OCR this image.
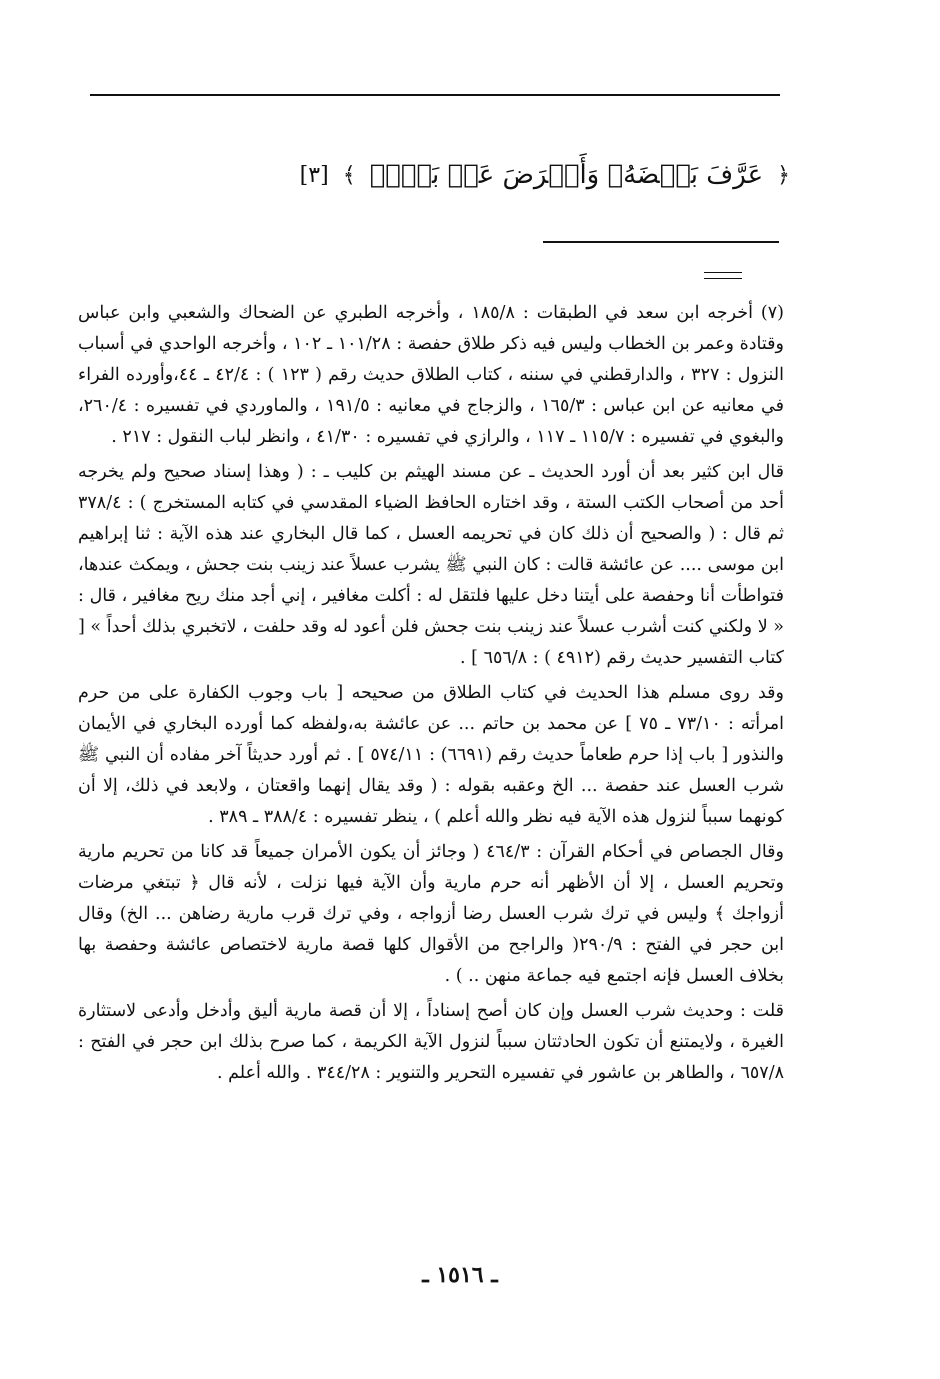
﴿
عَرَّفَ بَعۡضَهُۥ وَأَعۡرَضَ عَنۢ بَعۡضٖ
﴾
[٣]

(٧) أخرجه ابن سعد في الطبقات : ١٨٥/٨ ، وأخرجه الطبري عن الضحاك والشعبي وابن عباس وقتادة وعمر بن الخطاب وليس فيه ذكر طلاق حفصة : ١٠١/٢٨ ـ ١٠٢ ، وأخرجه الواحدي في أسباب النزول : ٣٢٧ ، والدارقطني في سننه ، كتاب الطلاق حديث رقم ( ١٢٣ ) : ٤٢/٤ ـ ٤٤،وأورده الفراء في معانيه عن ابن عباس : ١٦٥/٣ ، والزجاج في معانيه : ١٩١/٥ ، والماوردي في تفسيره : ٢٦٠/٤، والبغوي في تفسيره : ١١٥/٧ ـ ١١٧ ، والرازي في تفسيره : ٤١/٣٠ ، وانظر لباب النقول : ٢١٧ .

قال ابن كثير بعد أن أورد الحديث ـ عن مسند الهيثم بن كليب ـ : ( وهذا إسناد صحيح ولم يخرجه أحد من أصحاب الكتب الستة ، وقد اختاره الحافظ الضياء المقدسي في كتابه المستخرج ) : ٣٧٨/٤ ثم قال : ( والصحيح أن ذلك كان في تحريمه العسل ، كما قال البخاري عند هذه الآية : ثنا إبراهيم ابن موسى .... عن عائشة قالت : كان النبي ﷺ يشرب عسلاً عند زينب بنت جحش ، ويمكث عندها، فتواطأت أنا وحفصة على أيتنا دخل عليها فلتقل له : أكلت مغافير ، إني أجد منك ريح مغافير ، قال : « لا ولكني كنت أشرب عسلاً عند زينب بنت جحش فلن أعود له وقد حلفت ، لاتخبري بذلك أحداً » [ كتاب التفسير حديث رقم (٤٩١٢ ) : ٦٥٦/٨ ] .

وقد روى مسلم هذا الحديث في كتاب الطلاق من صحيحه [ باب وجوب الكفارة على من حرم امرأته : ٧٣/١٠ ـ ٧٥ ] عن محمد بن حاتم ... عن عائشة به،ولفظه كما أورده البخاري في الأيمان والنذور [ باب إذا حرم طعاماً حديث رقم (٦٦٩١) : ٥٧٤/١١ ] . ثم أورد حديثاً آخر مفاده أن النبي ﷺ شرب العسل عند حفصة ... الخ وعقبه بقوله : ( وقد يقال إنهما واقعتان ، ولابعد في ذلك، إلا أن كونهما سبباً لنزول هذه الآية فيه نظر والله أعلم ) ، ينظر تفسيره : ٣٨٨/٤ ـ ٣٨٩ .

وقال الجصاص في أحكام القرآن : ٤٦٤/٣ ( وجائز أن يكون الأمران جميعاً قد كانا من تحريم مارية وتحريم العسل ، إلا أن الأظهر أنه حرم مارية وأن الآية فيها نزلت ، لأنه قال ﴿ تبتغي مرضات أزواجك ﴾ وليس في ترك شرب العسل رضا أزواجه ، وفي ترك قرب مارية رضاهن ... الخ) وقال ابن حجر في الفتح : ٢٩٠/٩( والراجح من الأقوال كلها قصة مارية لاختصاص عائشة وحفصة بها بخلاف العسل فإنه اجتمع فيه جماعة منهن .. ) .

قلت : وحديث شرب العسل وإن كان أصح إسناداً ، إلا أن قصة مارية أليق وأدخل وأدعى لاستثارة الغيرة ، ولايمتنع أن تكون الحادثتان سبباً لنزول الآية الكريمة ، كما صرح بذلك ابن حجر في الفتح : ٦٥٧/٨ ، والطاهر بن عاشور في تفسيره التحرير والتنوير : ٣٤٤/٢٨ . والله أعلم .

ـ ١٥١٦ ـ
